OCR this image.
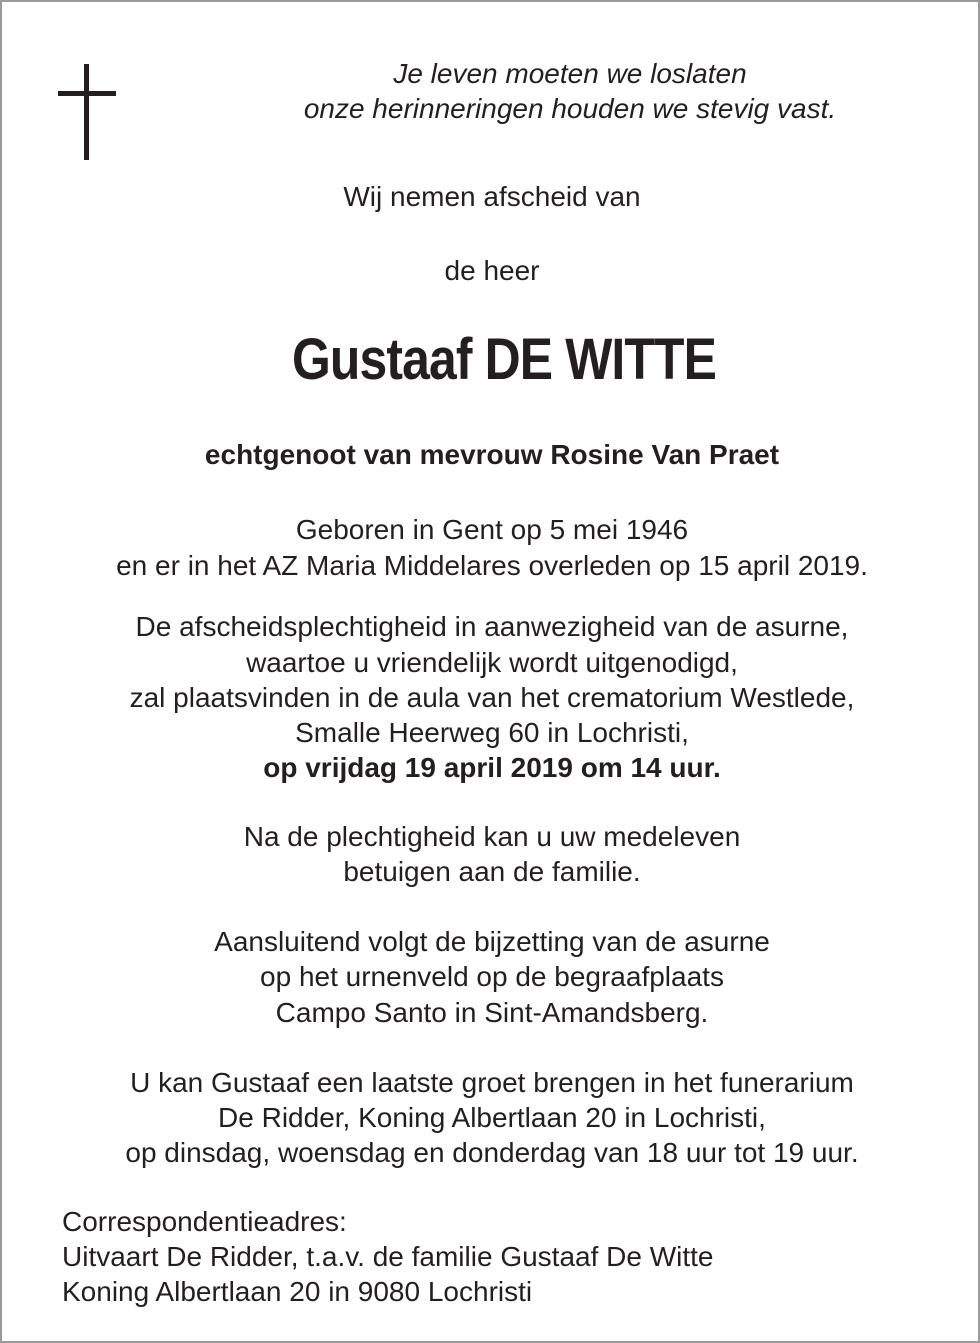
Je leven moeten we loslaten
onze herinneringen houden we stevig vast.
Wij nemen afscheid van
de heer
Gustaaf DE WITTE
echtgenoot van mevrouw Rosine Van Praet
Geboren in Gent op 5 mei 1946
en er in het AZ Maria Middelares overleden op 15 april 2019.
De afscheidsplechtigheid in aanwezigheid van de asurne,
waartoe u vriendelijk wordt uitgenodigd,
zal plaatsvinden in de aula van het crematorium Westlede,
Smalle Heerweg 60 in Lochristi,
op vrijdag 19 april 2019 om 14 uur.
Na de plechtigheid kan u uw medeleven
betuigen aan de familie.
Aansluitend volgt de bijzetting van de asurne
op het urnenveld op de begraafplaats
Campo Santo in Sint-Amandsberg.
U kan Gustaaf een laatste groet brengen in het funerarium
De Ridder, Koning Albertlaan 20 in Lochristi,
op dinsdag, woensdag en donderdag van 18 uur tot 19 uur.
Correspondentieadres:
Uitvaart De Ridder, t.a.v. de familie Gustaaf De Witte
Koning Albertlaan 20 in 9080 Lochristi
